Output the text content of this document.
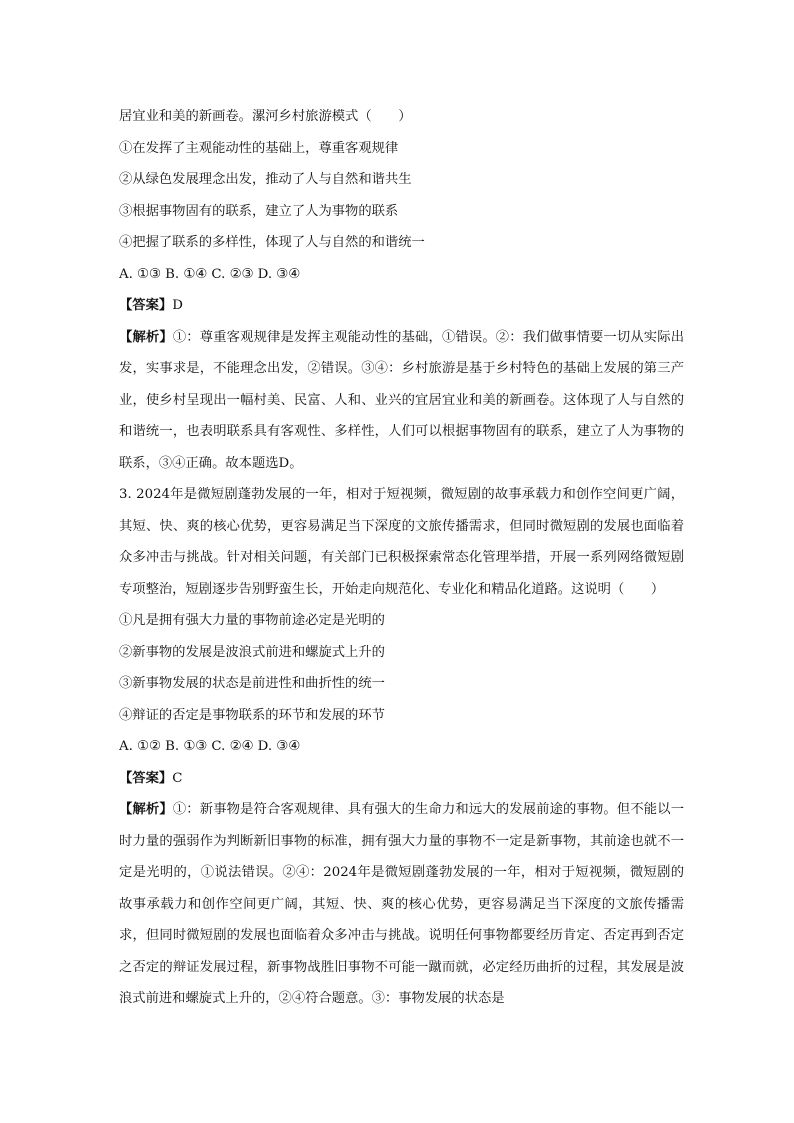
居宜业和美的新画卷。漯河乡村旅游模式（　　）
①在发挥了主观能动性的基础上，尊重客观规律
②从绿色发展理念出发，推动了人与自然和谐共生
③根据事物固有的联系，建立了人为事物的联系
④把握了联系的多样性，体现了人与自然的和谐统一
A. ①③ B. ①④ C. ②③ D. ③④
【答案】D
【解析】①：尊重客观规律是发挥主观能动性的基础，①错误。②：我们做事情要一切从实际出发，实事求是，不能理念出发，②错误。③④：乡村旅游是基于乡村特色的基础上发展的第三产业，使乡村呈现出一幅村美、民富、人和、业兴的宜居宜业和美的新画卷。这体现了人与自然的和谐统一，也表明联系具有客观性、多样性，人们可以根据事物固有的联系，建立了人为事物的联系，③④正确。故本题选D。
3. 2024年是微短剧蓬勃发展的一年，相对于短视频，微短剧的故事承载力和创作空间更广阔，其短、快、爽的核心优势，更容易满足当下深度的文旅传播需求，但同时微短剧的发展也面临着众多冲击与挑战。针对相关问题，有关部门已积极探索常态化管理举措，开展一系列网络微短剧专项整治，短剧逐步告别野蛮生长，开始走向规范化、专业化和精品化道路。这说明（　　）
①凡是拥有强大力量的事物前途必定是光明的
②新事物的发展是波浪式前进和螺旋式上升的
③新事物发展的状态是前进性和曲折性的统一
④辩证的否定是事物联系的环节和发展的环节
A. ①② B. ①③ C. ②④ D. ③④
【答案】C
【解析】①：新事物是符合客观规律、具有强大的生命力和远大的发展前途的事物。但不能以一时力量的强弱作为判断新旧事物的标准，拥有强大力量的事物不一定是新事物，其前途也就不一定是光明的，①说法错误。②④：2024年是微短剧蓬勃发展的一年，相对于短视频，微短剧的故事承载力和创作空间更广阔，其短、快、爽的核心优势，更容易满足当下深度的文旅传播需求，但同时微短剧的发展也面临着众多冲击与挑战。说明任何事物都要经历肯定、否定再到否定之否定的辩证发展过程，新事物战胜旧事物不可能一蹴而就，必定经历曲折的过程，其发展是波浪式前进和螺旋式上升的，②④符合题意。③：事物发展的状态是
